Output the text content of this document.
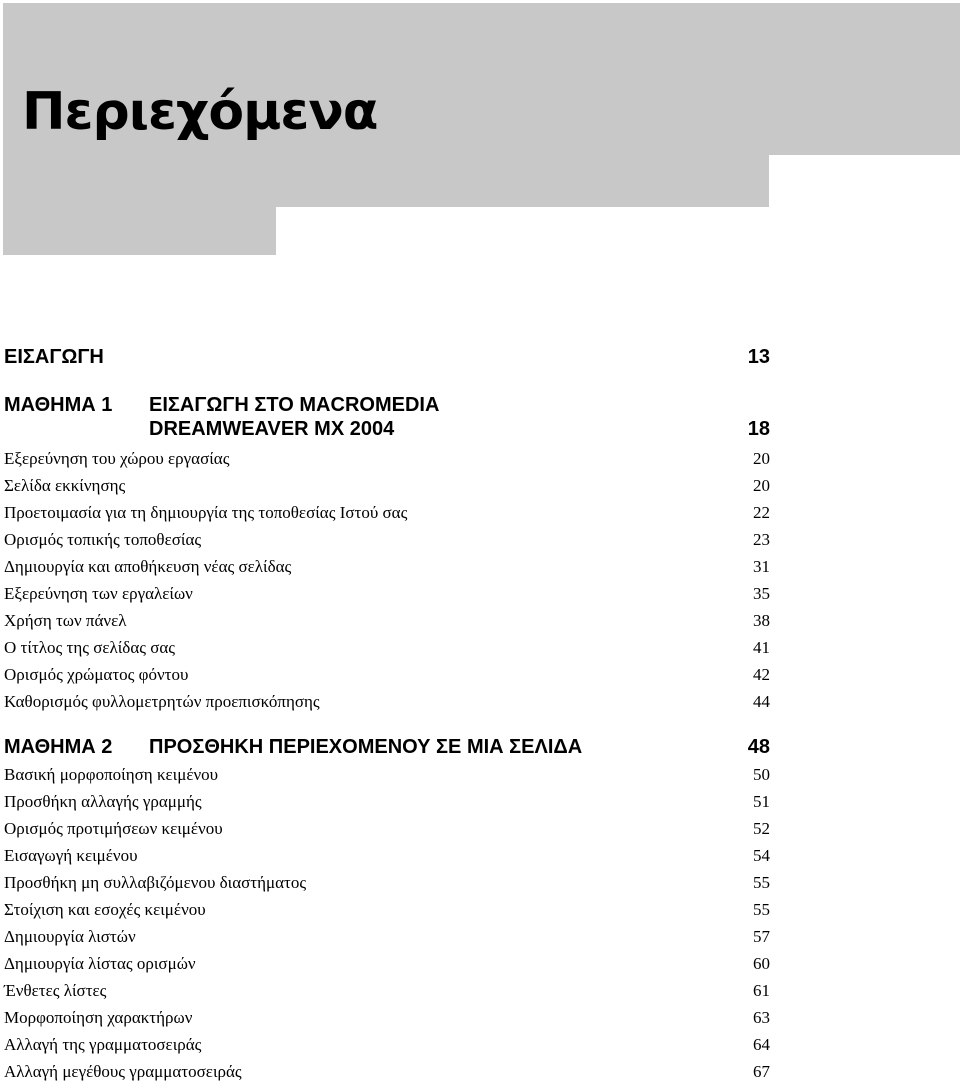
Περιεχόμενα
ΕΙΣΑΓΩΓΗ	13
ΜΑΘΗΜΑ 1 ΕΙΣΑΓΩΓΗ ΣΤΟ MACROMEDIA
DREAMWEAVER MX 2004	18
Εξερεύνηση του χώρου εργασίας	20
Σελίδα εκκίνησης	20
Προετοιμασία για τη δημιουργία της τοποθεσίας Ιστού σας	22
Ορισμός τοπικής τοποθεσίας	23
Δημιουργία και αποθήκευση νέας σελίδας	31
Εξερεύνηση των εργαλείων	35
Χρήση των πάνελ	38
Ο τίτλος της σελίδας σας	41
Ορισμός χρώματος φόντου	42
Καθορισμός φυλλομετρητών προεπισκόπησης	44
ΜΑΘΗΜΑ 2 ΠΡΟΣΘΗΚΗ ΠΕΡΙΕΧΟΜΕΝΟΥ ΣΕ ΜΙΑ ΣΕΛΙΔΑ	48
Βασική μορφοποίηση κειμένου	50
Προσθήκη αλλαγής γραμμής	51
Ορισμός προτιμήσεων κειμένου	52
Εισαγωγή κειμένου	54
Προσθήκη μη συλλαβιζόμενου διαστήματος	55
Στοίχιση και εσοχές κειμένου	55
Δημιουργία λιστών	57
Δημιουργία λίστας ορισμών	60
Ένθετες λίστες	61
Μορφοποίηση χαρακτήρων	63
Αλλαγή της γραμματοσειράς	64
Αλλαγή μεγέθους γραμματοσειράς	67
